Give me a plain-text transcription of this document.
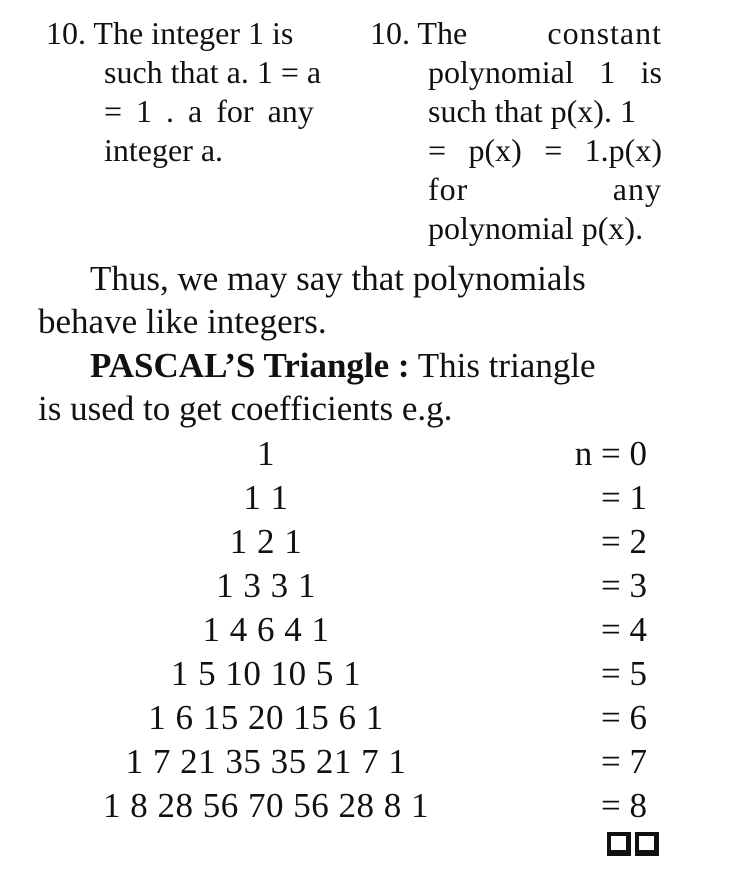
10. The integer 1 is
such that a. 1 = a
= 1 . a for any
integer a.
10. The	constant
polynomial 1 is
such that p(x). 1
= p(x) = 1.p(x)
for	any
polynomial p(x).
Thus, we may say that polynomials
behave like integers.
PASCAL’S Triangle : This triangle
is used to get coefficients e.g.
1
1 1
1 2 1
1 3 3 1
1 4 6 4 1
1 5 10 10 5 1
1 6 15 20 15 6 1
1 7 21 35 35 21 7 1
1 8 28 56 70 56 28 8 1
n = 0
= 1
= 2
= 3
= 4
= 5
= 6
= 7
= 8
